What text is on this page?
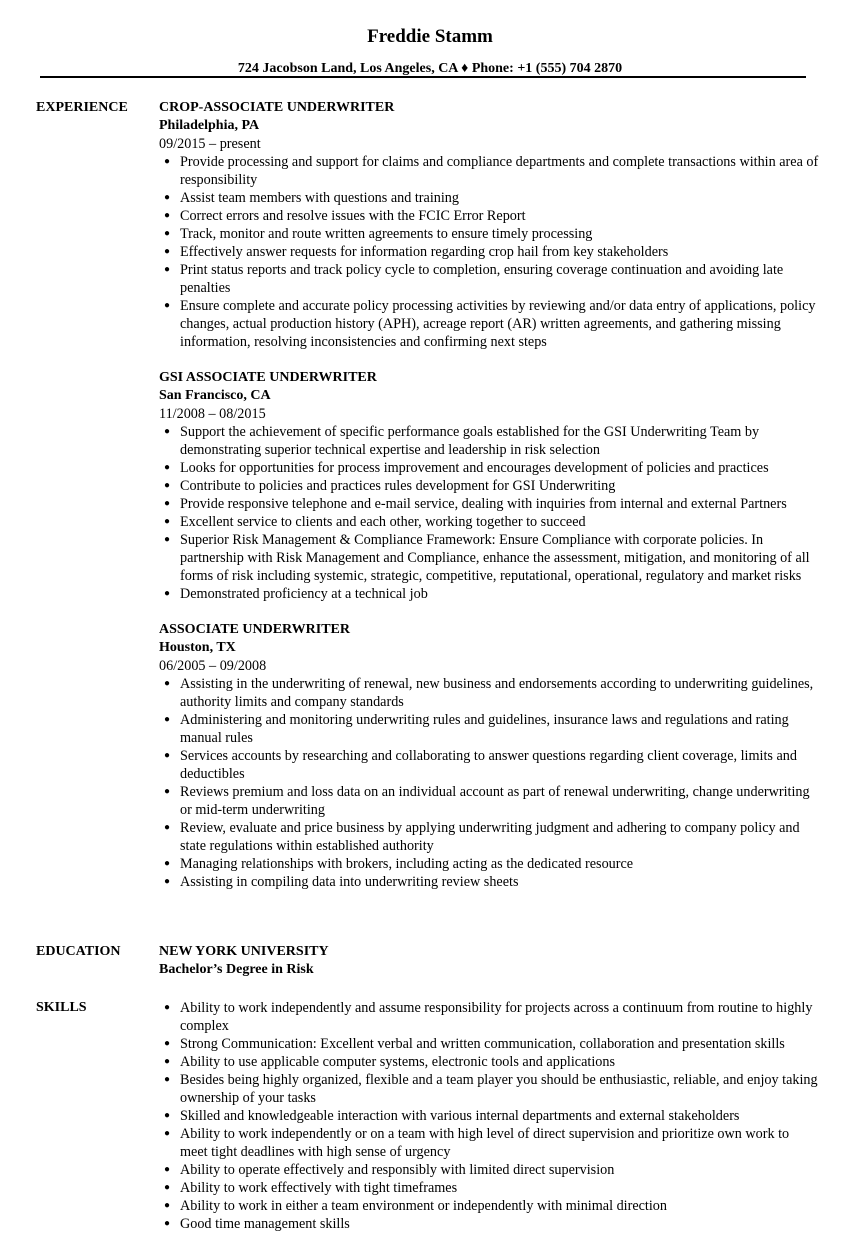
Freddie Stamm
724 Jacobson Land, Los Angeles, CA ♦ Phone: +1 (555) 704 2870
EXPERIENCE CROP-ASSOCIATE UNDERWRITER
Philadelphia, PA
09/2015 – present
● Provide processing and support for claims and compliance departments and complete transactions within area of responsibility
● Assist team members with questions and training
● Correct errors and resolve issues with the FCIC Error Report
● Track, monitor and route written agreements to ensure timely processing
● Effectively answer requests for information regarding crop hail from key stakeholders
● Print status reports and track policy cycle to completion, ensuring coverage continuation and avoiding late penalties
● Ensure complete and accurate policy processing activities by reviewing and/or data entry of applications, policy changes, actual production history (APH), acreage report (AR) written agreements, and gathering missing information, resolving inconsistencies and confirming next steps
GSI ASSOCIATE UNDERWRITER
San Francisco, CA
11/2008 – 08/2015
● Support the achievement of specific performance goals established for the GSI Underwriting Team by demonstrating superior technical expertise and leadership in risk selection
● Looks for opportunities for process improvement and encourages development of policies and practices
● Contribute to policies and practices rules development for GSI Underwriting
● Provide responsive telephone and e-mail service, dealing with inquiries from internal and external Partners
● Excellent service to clients and each other, working together to succeed
● Superior Risk Management & Compliance Framework: Ensure Compliance with corporate policies. In partnership with Risk Management and Compliance, enhance the assessment, mitigation, and monitoring of all forms of risk including systemic, strategic, competitive, reputational, operational, regulatory and market risks
● Demonstrated proficiency at a technical job
ASSOCIATE UNDERWRITER
Houston, TX
06/2005 – 09/2008
● Assisting in the underwriting of renewal, new business and endorsements according to underwriting guidelines, authority limits and company standards
● Administering and monitoring underwriting rules and guidelines, insurance laws and regulations and rating manual rules
● Services accounts by researching and collaborating to answer questions regarding client coverage, limits and deductibles
● Reviews premium and loss data on an individual account as part of renewal underwriting, change underwriting or mid-term underwriting
● Review, evaluate and price business by applying underwriting judgment and adhering to company policy and state regulations within established authority
● Managing relationships with brokers, including acting as the dedicated resource
● Assisting in compiling data into underwriting review sheets
EDUCATION	NEW YORK UNIVERSITY
Bachelor’s Degree in Risk
SKILLS	● Ability to work independently and assume responsibility for projects across a continuum from routine to highly complex
● Strong Communication: Excellent verbal and written communication, collaboration and presentation skills
● Ability to use applicable computer systems, electronic tools and applications
● Besides being highly organized, flexible and a team player you should be enthusiastic, reliable, and enjoy taking ownership of your tasks
● Skilled and knowledgeable interaction with various internal departments and external stakeholders
● Ability to work independently or on a team with high level of direct supervision and prioritize own work to meet tight deadlines with high sense of urgency
● Ability to operate effectively and responsibly with limited direct supervision
● Ability to work effectively with tight timeframes
● Ability to work in either a team environment or independently with minimal direction
● Good time management skills
